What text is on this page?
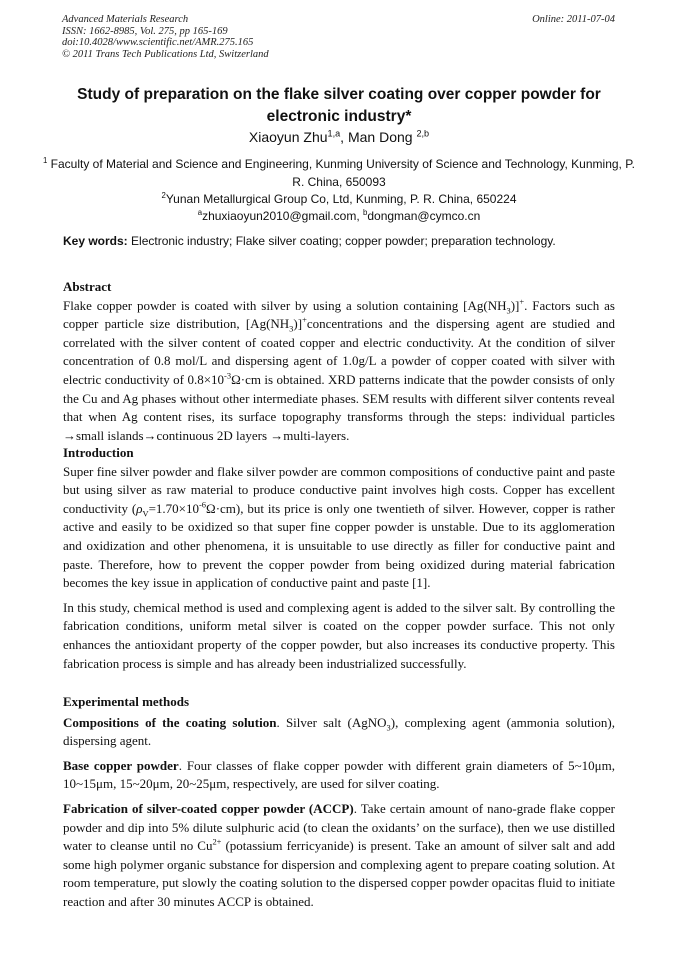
Advanced Materials Research
ISSN: 1662-8985, Vol. 275, pp 165-169
doi:10.4028/www.scientific.net/AMR.275.165
© 2011 Trans Tech Publications Ltd, Switzerland
Online: 2011-07-04
Study of preparation on the flake silver coating over copper powder for electronic industry*
Xiaoyun Zhu$^{1,a}$, Man Dong $^{2,b}$
$^1$ Faculty of Material and Science and Engineering, Kunming University of Science and Technology, Kunming, P. R. China, 650093
$^2$Yunan Metallurgical Group Co, Ltd, Kunming, P. R. China, 650224
$^a$zhuxiaoyun2010@gmail.com, $^b$dongman@cymco.cn
Key words: Electronic industry; Flake silver coating; copper powder; preparation technology.
Abstract

Flake copper powder is coated with silver by using a solution containing $[Ag(NH_3)]^+$. Factors such as copper particle size distribution, $[Ag(NH_3)]^+concentrations$ and the dispersing agent are studied and correlated with the silver content of coated copper and electric conductivity. At the condition of silver concentration of 0.8 mol/L and dispersing agent of 1.0g/L a powder of copper coated with silver with electric conductivity of $0.8\times 10^{-3}\Omega\cdot cm$ is obtained. XRD patterns indicate that the powder consists of only the Cu and Ag phases without other intermediate phases. SEM results with different silver contents reveal that when Ag content rises, its surface topography transforms through the steps: individual particles →small islands→continuous 2D layers →multi-layers.

Introduction

Super fine silver powder and flake silver powder are common compositions of conductive paint and paste but using silver as raw material to produce conductive paint involves high costs. Copper has excellent conductivity $(\rho_V=1.70\times 10^{-6}\Omega\cdot cm)$, but its price is only one twentieth of silver. However, copper is rather active and easily to be oxidized so that super fine copper powder is unstable. Due to its agglomeration and oxidization and other phenomena, it is unsuitable to use directly as filler for conductive paint and paste. Therefore, how to prevent the copper powder from being oxidized during material fabrication becomes the key issue in application of conductive paint and paste [1].

In this study, chemical method is used and complexing agent is added to the silver salt. By controlling the fabrication conditions, uniform metal silver is coated on the copper powder surface. This not only enhances the antioxidant property of the copper powder, but also increases its conductive property. This fabrication process is simple and has already been industrialized successfully.

Experimental methods

Compositions of the coating solution. Silver salt (AgNO$_3$), complexing agent (ammonia solution), dispersing agent.

Base copper powder. Four classes of flake copper powder with different grain diameters of 5~10μm, 10~15μm, 15~20μm, 20~25μm, respectively, are used for silver coating.

Fabrication of silver-coated copper powder (ACCP). Take certain amount of nano-grade flake copper powder and dip into 5% dilute sulphuric acid (to clean the oxidants’ on the surface), then we use distilled water to cleanse until no $Cu^{2+}$ (potassium ferricyanide) is present. Take an amount of silver salt and add some high polymer organic substance for dispersion and complexing agent to prepare coating solution. At room temperature, put slowly the coating solution to the dispersed copper powder opacitas fluid to initiate reaction and after 30 minutes ACCP is obtained.
